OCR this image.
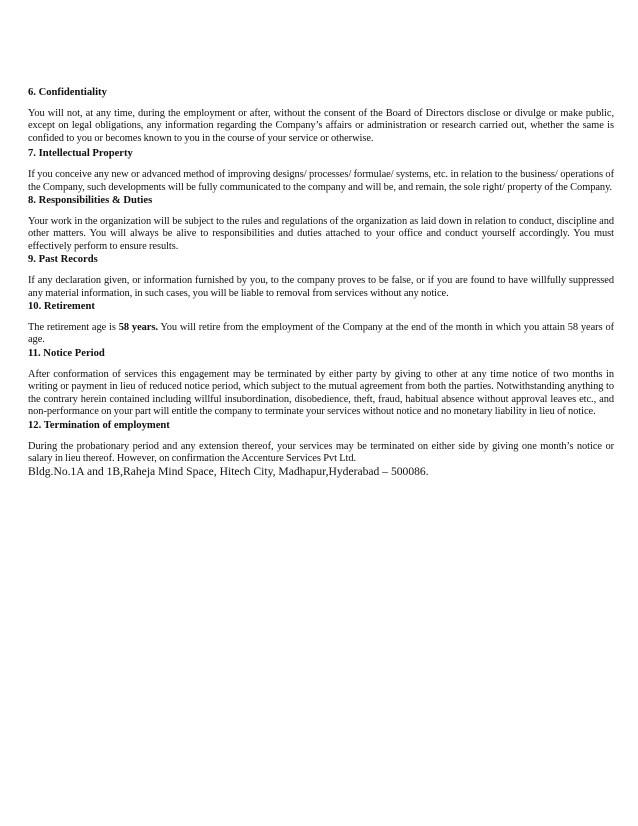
6. Confidentiality

You will not, at any time, during the employment or after, without the consent of the Board of Directors disclose or divulge or make public, except on legal obligations, any information regarding the Company’s affairs or administration or research carried out, whether the same is confided to you or becomes known to you in the course of your service or otherwise.

7. Intellectual Property

If you conceive any new or advanced method of improving designs/ processes/ formulae/ systems, etc. in relation to the business/ operations of the Company, such developments will be fully communicated to the company and will be, and remain, the sole right/ property of the Company.

8. Responsibilities & Duties

Your work in the organization will be subject to the rules and regulations of the organization as laid down in relation to conduct, discipline and other matters. You will always be alive to responsibilities and duties attached to your office and conduct yourself accordingly. You must effectively perform to ensure results.

9. Past Records

If any declaration given, or information furnished by you, to the company proves to be false, or if you are found to have willfully suppressed any material information, in such cases, you will be liable to removal from services without any notice.

10. Retirement

The retirement age is 58 years. You will retire from the employment of the Company at the end of the month in which you attain 58 years of age.

11. Notice Period

After conformation of services this engagement may be terminated by either party by giving to other at any time notice of two months in writing or payment in lieu of reduced notice period, which subject to the mutual agreement from both the parties. Notwithstanding anything to the contrary herein contained including willful insubordination, disobedience, theft, fraud, habitual absence without approval leaves etc., and non-performance on your part will entitle the company to terminate your services without notice and no monetary liability in lieu of notice.

12. Termination of employment

During the probationary period and any extension thereof, your services may be terminated on either side by giving one month’s notice or salary in lieu thereof. However, on confirmation the Accenture Services Pvt Ltd.

Bldg.No.1A and 1B,Raheja Mind Space, Hitech City, Madhapur,Hyderabad – 500086.
